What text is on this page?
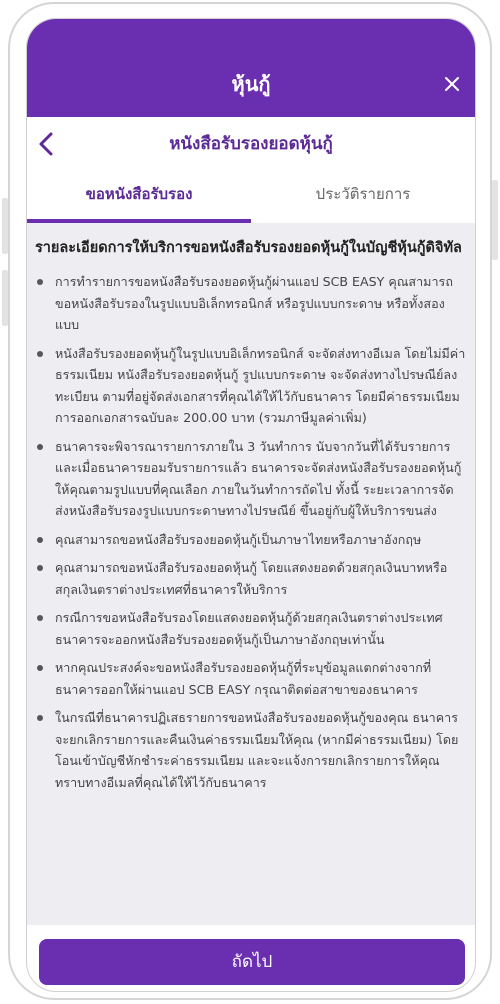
หุ้นกู้
หนังสือรับรองยอดหุ้นกู้
ขอหนังสือรับรอง	ประวัติรายการ
รายละเอียดการให้บริการขอหนังสือรับรองยอดหุ้นกู้ในบัญชีหุ้นกู้ดิจิทัล
การทำรายการขอหนังสือรับรองยอดหุ้นกู้ผ่านแอป SCB EASY คุณสามารถขอหนังสือรับรองในรูปแบบอิเล็กทรอนิกส์ หรือรูปแบบกระดาษ หรือทั้งสองแบบ
หนังสือรับรองยอดหุ้นกู้ในรูปแบบอิเล็กทรอนิกส์ จะจัดส่งทางอีเมล โดยไม่มีค่าธรรมเนียม หนังสือรับรองยอดหุ้นกู้ รูปแบบกระดาษ จะจัดส่งทางไปรษณีย์ลงทะเบียน ตามที่อยู่จัดส่งเอกสารที่คุณได้ให้ไว้กับธนาคาร โดยมีค่าธรรมเนียมการออกเอกสารฉบับละ 200.00 บาท (รวมภาษีมูลค่าเพิ่ม)
ธนาคารจะพิจารณารายการภายใน 3 วันทำการ นับจากวันที่ได้รับรายการ และเมื่อธนาคารยอมรับรายการแล้ว ธนาคารจะจัดส่งหนังสือรับรองยอดหุ้นกู้ให้คุณตามรูปแบบที่คุณเลือก ภายในวันทำการถัดไป ทั้งนี้ ระยะเวลาการจัดส่งหนังสือรับรองรูปแบบกระดาษทางไปรษณีย์ ขึ้นอยู่กับผู้ให้บริการขนส่ง
คุณสามารถขอหนังสือรับรองยอดหุ้นกู้เป็นภาษาไทยหรือภาษาอังกฤษ
คุณสามารถขอหนังสือรับรองยอดหุ้นกู้ โดยแสดงยอดด้วยสกุลเงินบาทหรือสกุลเงินตราต่างประเทศที่ธนาคารให้บริการ
กรณีการขอหนังสือรับรองโดยแสดงยอดหุ้นกู้ด้วยสกุลเงินตราต่างประเทศ ธนาคารจะออกหนังสือรับรองยอดหุ้นกู้เป็นภาษาอังกฤษเท่านั้น
หากคุณประสงค์จะขอหนังสือรับรองยอดหุ้นกู้ที่ระบุข้อมูลแตกต่างจากที่ธนาคารออกให้ผ่านแอป SCB EASY กรุณาติดต่อสาขาของธนาคาร
ในกรณีที่ธนาคารปฏิเสธรายการขอหนังสือรับรองยอดหุ้นกู้ของคุณ ธนาคารจะยกเลิกรายการและคืนเงินค่าธรรมเนียมให้คุณ (หากมีค่าธรรมเนียม) โดยโอนเข้าบัญชีหักชำระค่าธรรมเนียม และจะแจ้งการยกเลิกรายการให้คุณทราบทางอีเมลที่คุณได้ให้ไว้กับธนาคาร
ถัดไป
